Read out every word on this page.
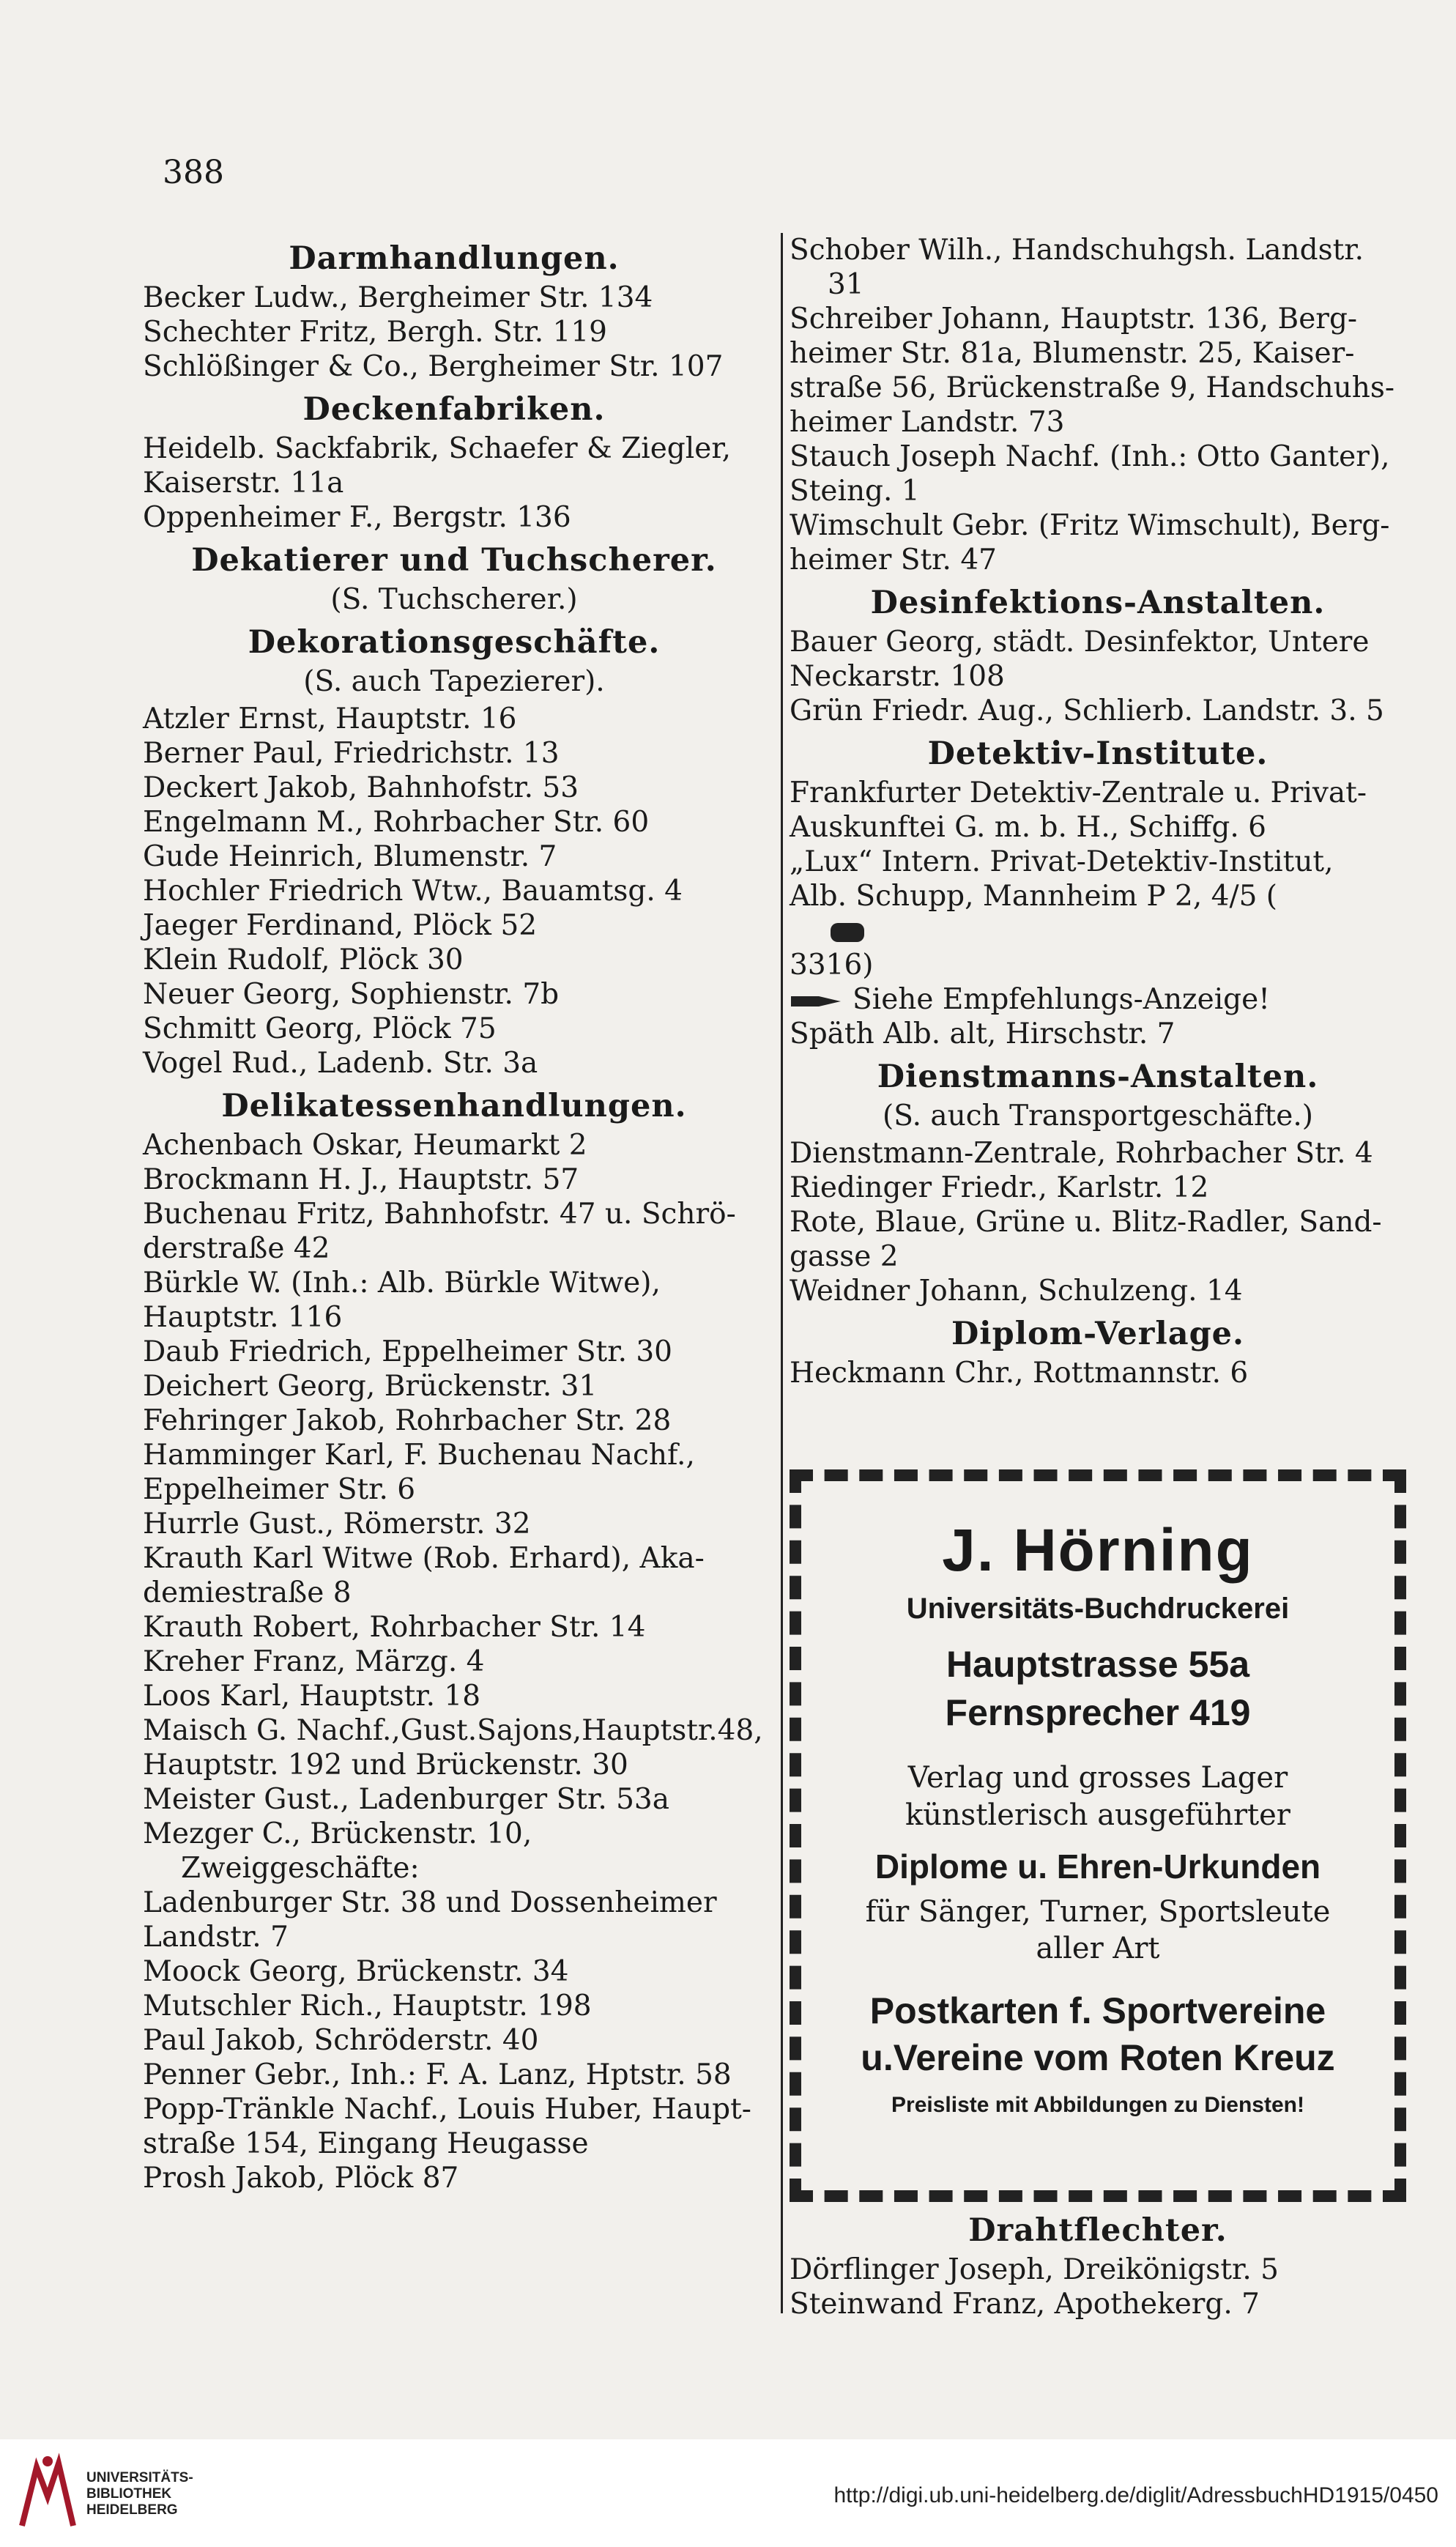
388
Darmhandlungen.
Becker Ludw., Bergheimer Str. 134
Schechter Fritz, Bergh. Str. 119
Schlößinger & Co., Bergheimer Str. 107
Deckenfabriken.
Heidelb. Sackfabrik, Schaefer & Ziegler,
Kaiserstr. 11a
Oppenheimer F., Bergstr. 136
Dekatierer und Tuchscherer.
(S. Tuchscherer.)
Dekorationsgeschäfte.
(S. auch Tapezierer).
Atzler Ernst, Hauptstr. 16
Berner Paul, Friedrichstr. 13
Deckert Jakob, Bahnhofstr. 53
Engelmann M., Rohrbacher Str. 60
Gude Heinrich, Blumenstr. 7
Hochler Friedrich Wtw., Bauamtsg. 4
Jaeger Ferdinand, Plöck 52
Klein Rudolf, Plöck 30
Neuer Georg, Sophienstr. 7b
Schmitt Georg, Plöck 75
Vogel Rud., Ladenb. Str. 3a
Delikatessenhandlungen.
Achenbach Oskar, Heumarkt 2
Brockmann H. J., Hauptstr. 57
Buchenau Fritz, Bahnhofstr. 47 u. Schrö-
derstraße 42
Bürkle W. (Inh.: Alb. Bürkle Witwe),
Hauptstr. 116
Daub Friedrich, Eppelheimer Str. 30
Deichert Georg, Brückenstr. 31
Fehringer Jakob, Rohrbacher Str. 28
Hamminger Karl, F. Buchenau Nachf.,
Eppelheimer Str. 6
Hurrle Gust., Römerstr. 32
Krauth Karl Witwe (Rob. Erhard), Aka-
demiestraße 8
Krauth Robert, Rohrbacher Str. 14
Kreher Franz, Märzg. 4
Loos Karl, Hauptstr. 18
Maisch G. Nachf.,Gust.Sajons,Hauptstr.48,
Hauptstr. 192 und Brückenstr. 30
Meister Gust., Ladenburger Str. 53a
Mezger C., Brückenstr. 10, Zweiggeschäfte:
Ladenburger Str. 38 und Dossenheimer
Landstr. 7
Moock Georg, Brückenstr. 34
Mutschler Rich., Hauptstr. 198
Paul Jakob, Schröderstr. 40
Penner Gebr., Inh.: F. A. Lanz, Hptstr. 58
Popp-Tränkle Nachf., Louis Huber, Haupt-
straße 154, Eingang Heugasse
Prosh Jakob, Plöck 87
Schober Wilh., Handschuhgsh. Landstr. 31
Schreiber Johann, Hauptstr. 136, Berg-
heimer Str. 81a, Blumenstr. 25, Kaiser-
straße 56, Brückenstraße 9, Handschuhs-
heimer Landstr. 73
Stauch Joseph Nachf. (Inh.: Otto Ganter),
Steing. 1
Wimschult Gebr. (Fritz Wimschult), Berg-
heimer Str. 47
Desinfektions-Anstalten.
Bauer Georg, städt. Desinfektor, Untere
Neckarstr. 108
Grün Friedr. Aug., Schlierb. Landstr. 3. 5
Detektiv-Institute.
Frankfurter Detektiv-Zentrale u. Privat-
Auskunftei G. m. b. H., Schiffg. 6
„Lux“ Intern. Privat-Detektiv-Institut,
Alb. Schupp, Mannheim P 2, 4/5 (
3316)
Siehe Empfehlungs-Anzeige!
Späth Alb. alt, Hirschstr. 7
Dienstmanns-Anstalten.
(S. auch Transportgeschäfte.)
Dienstmann-Zentrale, Rohrbacher Str. 4
Riedinger Friedr., Karlstr. 12
Rote, Blaue, Grüne u. Blitz-Radler, Sand-
gasse 2
Weidner Johann, Schulzeng. 14
Diplom-Verlage.
Heckmann Chr., Rottmannstr. 6
J. Hörning
Universitäts-Buchdruckerei
Hauptstrasse 55a
Fernsprecher 419
Verlag und grosses Lager
künstlerisch ausgeführter
Diplome u. Ehren-Urkunden
für Sänger, Turner, Sportsleute
aller Art
Postkarten f. Sportvereine
u.Vereine vom Roten Kreuz
Preisliste mit Abbildungen zu Diensten!
Drahtflechter.
Dörflinger Joseph, Dreikönigstr. 5
Steinwand Franz, Apothekerg. 7
UNIVERSITÄTS-
BIBLIOTHEK
HEIDELBERG
http://digi.ub.uni-heidelberg.de/diglit/AdressbuchHD1915/0450
